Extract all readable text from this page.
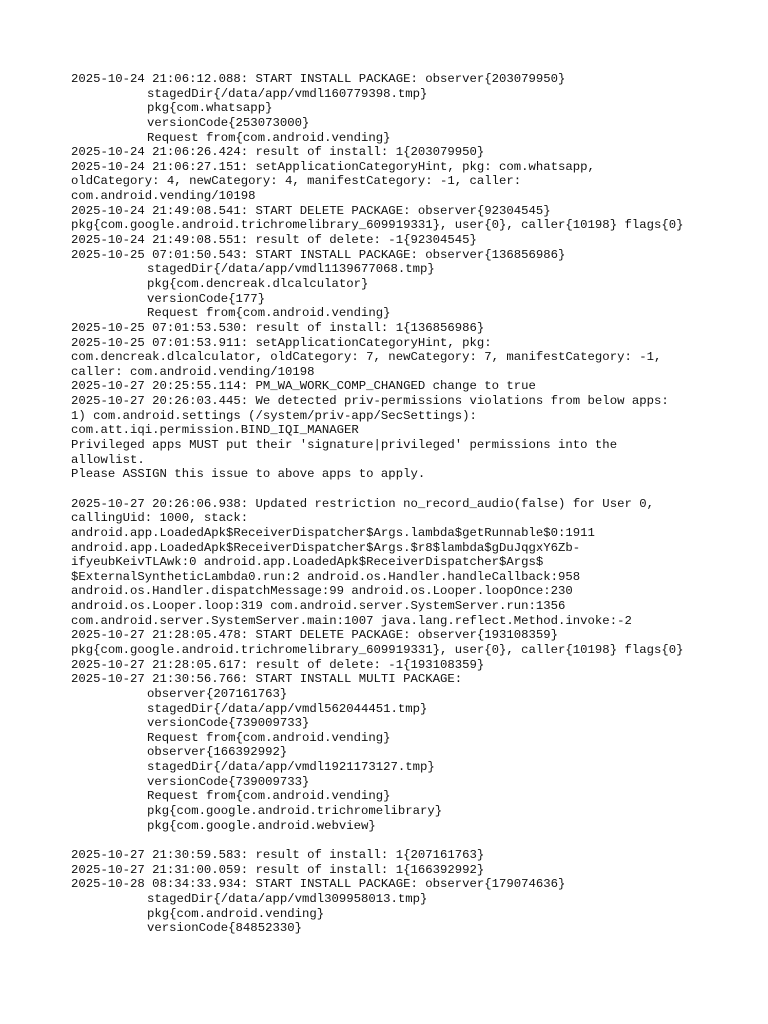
2025-10-24 21:06:12.088: START INSTALL PACKAGE: observer{203079950}
stagedDir{/data/app/vmdl160779398.tmp}
pkg{com.whatsapp}
versionCode{253073000}
Request from{com.android.vending}
2025-10-24 21:06:26.424: result of install: 1{203079950}
2025-10-24 21:06:27.151: setApplicationCategoryHint, pkg: com.whatsapp,
oldCategory: 4, newCategory: 4, manifestCategory: -1, caller:
com.android.vending/10198
2025-10-24 21:49:08.541: START DELETE PACKAGE: observer{92304545}
pkg{com.google.android.trichromelibrary_609919331}, user{0}, caller{10198} flags{0}
2025-10-24 21:49:08.551: result of delete: -1{92304545}
2025-10-25 07:01:50.543: START INSTALL PACKAGE: observer{136856986}
stagedDir{/data/app/vmdl1139677068.tmp}
pkg{com.dencreak.dlcalculator}
versionCode{177}
Request from{com.android.vending}
2025-10-25 07:01:53.530: result of install: 1{136856986}
2025-10-25 07:01:53.911: setApplicationCategoryHint, pkg:
com.dencreak.dlcalculator, oldCategory: 7, newCategory: 7, manifestCategory: -1,
caller: com.android.vending/10198
2025-10-27 20:25:55.114: PM_WA_WORK_COMP_CHANGED change to true
2025-10-27 20:26:03.445: We detected priv-permissions violations from below apps:
1) com.android.settings (/system/priv-app/SecSettings):
com.att.iqi.permission.BIND_IQI_MANAGER
Privileged apps MUST put their 'signature|privileged' permissions into the
allowlist.
Please ASSIGN this issue to above apps to apply.
2025-10-27 20:26:06.938: Updated restriction no_record_audio(false) for User 0,
callingUid: 1000, stack:
android.app.LoadedApk$ReceiverDispatcher$Args.lambda$getRunnable$0:1911
android.app.LoadedApk$ReceiverDispatcher$Args.$r8$lambda$gDuJqgxY6Zb-
ifyeubKeivTLAwk:0 android.app.LoadedApk$ReceiverDispatcher$Args$
$ExternalSyntheticLambda0.run:2 android.os.Handler.handleCallback:958
android.os.Handler.dispatchMessage:99 android.os.Looper.loopOnce:230
android.os.Looper.loop:319 com.android.server.SystemServer.run:1356
com.android.server.SystemServer.main:1007 java.lang.reflect.Method.invoke:-2
2025-10-27 21:28:05.478: START DELETE PACKAGE: observer{193108359}
pkg{com.google.android.trichromelibrary_609919331}, user{0}, caller{10198} flags{0}
2025-10-27 21:28:05.617: result of delete: -1{193108359}
2025-10-27 21:30:56.766: START INSTALL MULTI PACKAGE:
observer{207161763}
stagedDir{/data/app/vmdl562044451.tmp}
versionCode{739009733}
Request from{com.android.vending}
observer{166392992}
stagedDir{/data/app/vmdl1921173127.tmp}
versionCode{739009733}
Request from{com.android.vending}
pkg{com.google.android.trichromelibrary}
pkg{com.google.android.webview}
2025-10-27 21:30:59.583: result of install: 1{207161763}
2025-10-27 21:31:00.059: result of install: 1{166392992}
2025-10-28 08:34:33.934: START INSTALL PACKAGE: observer{179074636}
stagedDir{/data/app/vmdl309958013.tmp}
pkg{com.android.vending}
versionCode{84852330}
